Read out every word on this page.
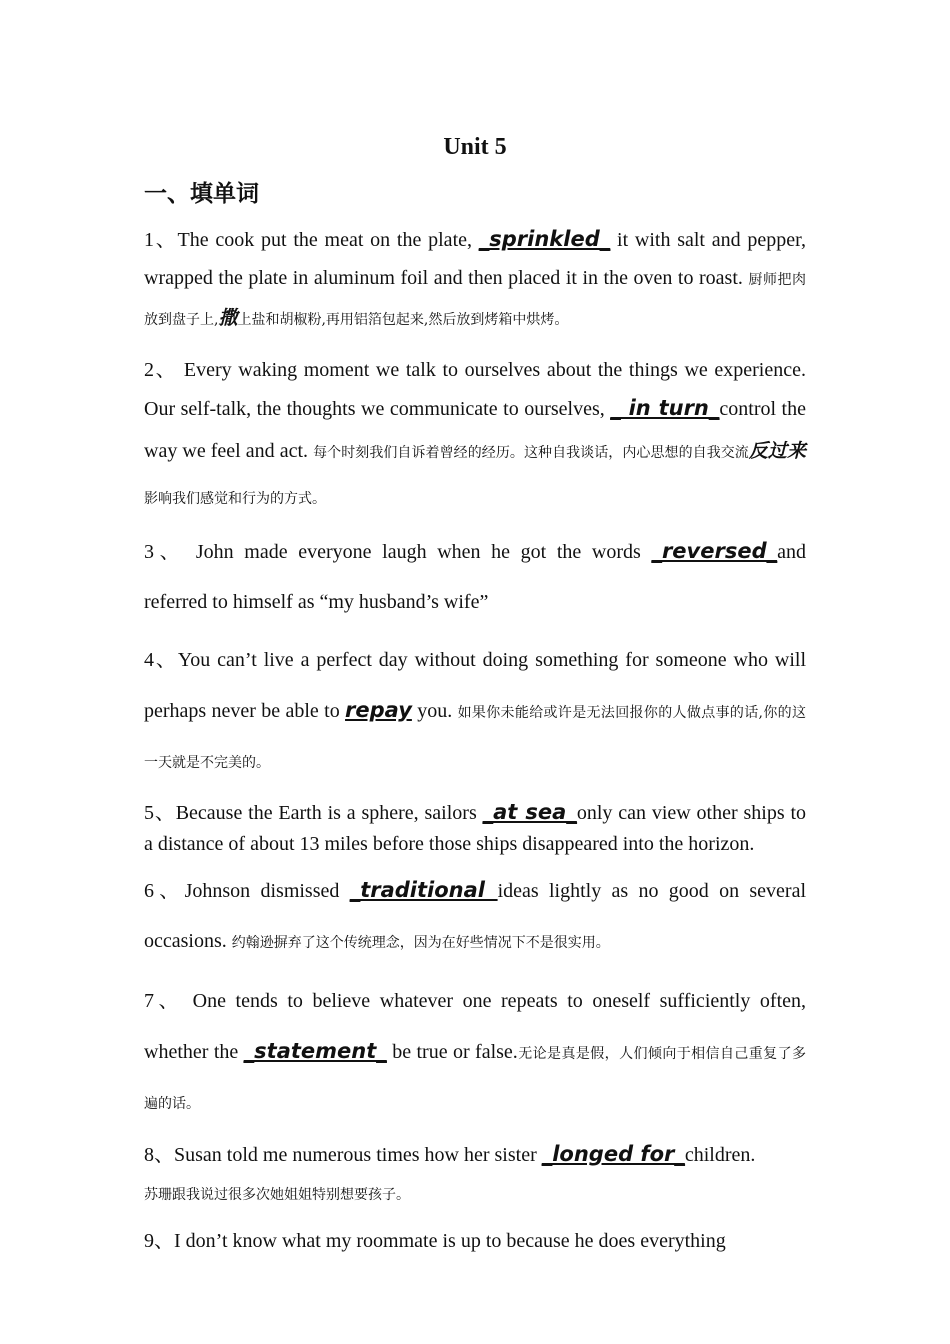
Unit 5
一、填单词
1、The cook put the meat on the plate, _sprinkled_ it with salt and pepper, wrapped the plate in aluminum foil and then placed it in the oven to roast. 厨师把肉放到盘子上,撒上盐和胡椒粉,再用铝箔包起来,然后放到烤箱中烘烤。
2、 Every waking moment we talk to ourselves about the things we experience. Our self-talk, the thoughts we communicate to ourselves, _ in turn_control the way we feel and act. 每个时刻我们自诉着曾经的经历。这种自我谈话，内心思想的自我交流反过来 影响我们感觉和行为的方式。
3、 John made everyone laugh when he got the words _reversed_and referred to himself as “my husband’s wife”
4、You can’t live a perfect day without doing something for someone who will perhaps never be able to repay you. 如果你未能给或许是无法回报你的人做点事的话,你的这一天就是不完美的。
5、Because the Earth is a sphere, sailors _at sea_only can view other ships to a distance of about 13 miles before those ships disappeared into the horizon.
6、Johnson dismissed _traditional ideas lightly as no good on several occasions. 约翰逊摒弃了这个传统理念，因为在好些情况下不是很实用。
7、 One tends to believe whatever one repeats to oneself sufficiently often, whether the _statement_ be true or false.无论是真是假，人们倾向于相信自己重复了多遍的话。
8、Susan told me numerous times how her sister _longed for_children.
苏珊跟我说过很多次她姐姐特别想要孩子。
9、I don’t know what my roommate is up to because he does everything
